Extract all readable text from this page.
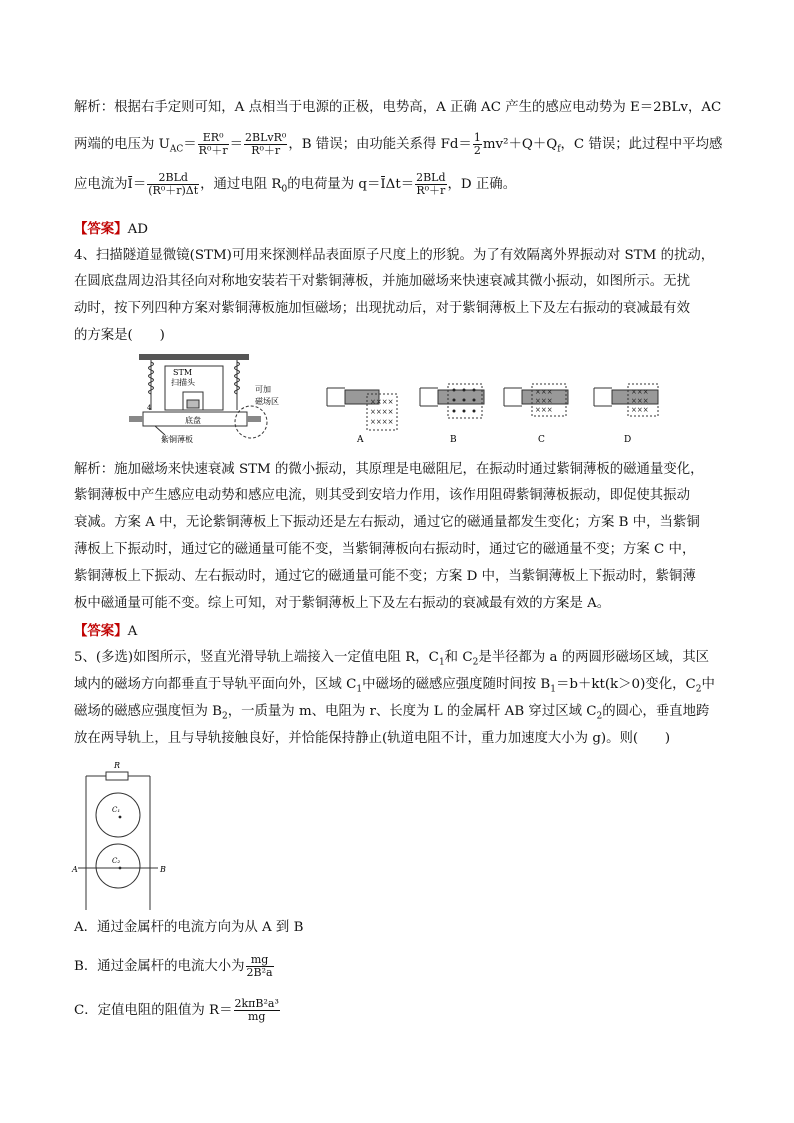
解析：根据右手定则可知，A 点相当于电源的正极，电势高，A 正确 AC 产生的感应电动势为 E＝2BLv，AC
两端的电压为 $U_{AC}= \frac{\text{ER⁰}}{\text{R⁰＋r}} = \frac{\text{2BLvR⁰}}{\text{R⁰＋r}}$ ，B 错误；由功能关系得 $Fd= \frac{1}{2} mv^2+Q+Q_f$，C 错误；此过程中平均感
应电流为Ī＝ $\frac{\text{2BLd}}{\text{(R⁰＋r)Δt}}$ ，通过电阻 $R_0$的电荷量为 q＝ĪΔt＝ $\frac{\text{2BLd}}{\text{R⁰＋r}}$ ，D 正确。
【答案】AD
4、扫描隧道显微镜(STM)可用来探测样品表面原子尺度上的形貌。为了有效隔离外界振动对 STM 的扰动，
在圆底盘周边沿其径向对称地安装若干对紫铜薄板，并施加磁场来快速衰减其微小振动，如图所示。无扰
动时，按下列四种方案对紫铜薄板施加恒磁场；出现扰动后，对于紫铜薄板上下及左右振动的衰减最有效
的方案是(　　)
STM
扫描头
底盘
紫铜薄板
4
可加
磁场区	××××
××××
××××
A	B
×××
×××
×××
C
×××
×××
×××
D
解析：施加磁场来快速衰减 STM 的微小振动，其原理是电磁阻尼，在振动时通过紫铜薄板的磁通量变化，
紫铜薄板中产生感应电动势和感应电流，则其受到安培力作用，该作用阻碍紫铜薄板振动，即促使其振动
衰减。方案 A 中，无论紫铜薄板上下振动还是左右振动，通过它的磁通量都发生变化；方案 B 中，当紫铜
薄板上下振动时，通过它的磁通量可能不变，当紫铜薄板向右振动时，通过它的磁通量不变；方案 C 中，
紫铜薄板上下振动、左右振动时，通过它的磁通量可能不变；方案 D 中，当紫铜薄板上下振动时，紫铜薄
板中磁通量可能不变。综上可知，对于紫铜薄板上下及左右振动的衰减最有效的方案是 A。
【答案】A
5、(多选)如图所示，竖直光滑导轨上端接入一定值电阻 R，$C_1$和 $C_2$是半径都为 a 的两圆形磁场区域，其区
域内的磁场方向都垂直于导轨平面向外，区域 $C_1$中磁场的磁感应强度随时间按 $B_1=b+kt(k>0)$变化，$C_2$中
磁场的磁感应强度恒为 $B_2$，一质量为 m、电阻为 r、长度为 L 的金属杆 AB 穿过区域 $C_2$的圆心，垂直地跨
放在两导轨上，且与导轨接触良好，并恰能保持静止(轨道电阻不计，重力加速度大小为 g)。则(　　)
R
C₁
C₂
A	B
A．通过金属杆的电流方向为从 A 到 B
B．通过金属杆的电流大小为 $\frac{mg}{\text{2B²a}}$
C．定值电阻的阻值为 $R= \frac{\text{2kπB²a³}}{mg}$
